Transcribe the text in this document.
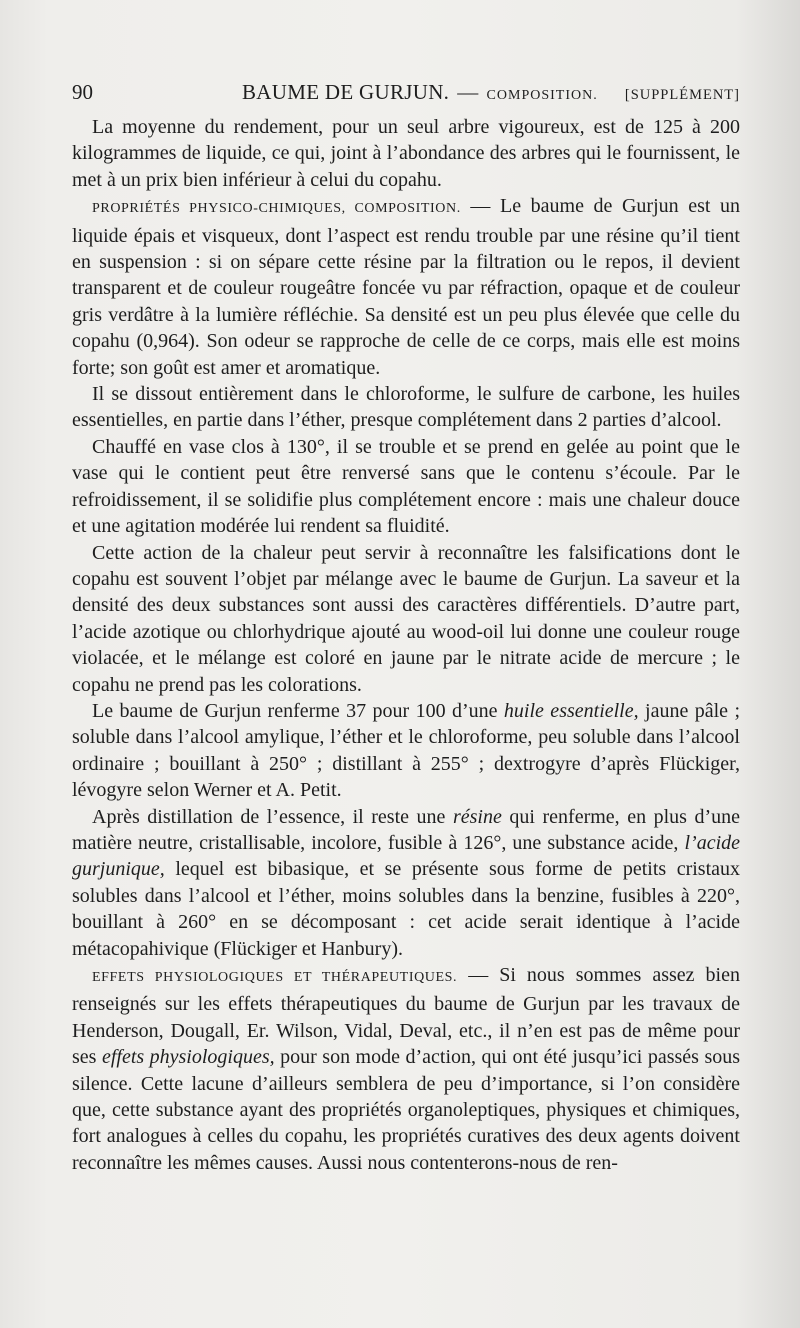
90	BAUME DE GURJUN. — COMPOSITION. [SUPPLÉMENT]

La moyenne du rendement, pour un seul arbre vigoureux, est de 125 à 200 kilogrammes de liquide, ce qui, joint à l’abondance des arbres qui le fournissent, le met à un prix bien inférieur à celui du copahu.

PROPRIÉTÉS PHYSICO-CHIMIQUES, COMPOSITION. — Le baume de Gurjun est un liquide épais et visqueux, dont l’aspect est rendu trouble par une résine qu’il tient en suspension : si on sépare cette résine par la filtration ou le repos, il devient transparent et de couleur rougeâtre foncée vu par réfraction, opaque et de couleur gris verdâtre à la lumière réfléchie. Sa densité est un peu plus élevée que celle du copahu (0,964). Son odeur se rapproche de celle de ce corps, mais elle est moins forte; son goût est amer et aromatique.

Il se dissout entièrement dans le chloroforme, le sulfure de carbone, les huiles essentielles, en partie dans l’éther, presque complétement dans 2 parties d’alcool.

Chauffé en vase clos à 130°, il se trouble et se prend en gelée au point que le vase qui le contient peut être renversé sans que le contenu s’écoule. Par le refroidissement, il se solidifie plus complétement encore : mais une chaleur douce et une agitation modérée lui rendent sa fluidité.

Cette action de la chaleur peut servir à reconnaître les falsifications dont le copahu est souvent l’objet par mélange avec le baume de Gurjun. La saveur et la densité des deux substances sont aussi des caractères différentiels. D’autre part, l’acide azotique ou chlorhydrique ajouté au wood-oil lui donne une couleur rouge violacée, et le mélange est coloré en jaune par le nitrate acide de mercure ; le copahu ne prend pas les colorations.

Le baume de Gurjun renferme 37 pour 100 d’une huile essentielle, jaune pâle ; soluble dans l’alcool amylique, l’éther et le chloroforme, peu soluble dans l’alcool ordinaire ; bouillant à 250° ; distillant à 255° ; dextrogyre d’après Flückiger, lévogyre selon Werner et A. Petit.

Après distillation de l’essence, il reste une résine qui renferme, en plus d’une matière neutre, cristallisable, incolore, fusible à 126°, une substance acide, l’acide gurjunique, lequel est bibasique, et se présente sous forme de petits cristaux solubles dans l’alcool et l’éther, moins solubles dans la benzine, fusibles à 220°, bouillant à 260° en se décomposant : cet acide serait identique à l’acide métacopahivique (Flückiger et Hanbury).

EFFETS PHYSIOLOGIQUES ET THÉRAPEUTIQUES. — Si nous sommes assez bien renseignés sur les effets thérapeutiques du baume de Gurjun par les travaux de Henderson, Dougall, Er. Wilson, Vidal, Deval, etc., il n’en est pas de même pour ses effets physiologiques, pour son mode d’action, qui ont été jusqu’ici passés sous silence. Cette lacune d’ailleurs semblera de peu d’importance, si l’on considère que, cette substance ayant des propriétés organoleptiques, physiques et chimiques, fort analogues à celles du copahu, les propriétés curatives des deux agents doivent reconnaître les mêmes causes. Aussi nous contenterons-nous de ren-
